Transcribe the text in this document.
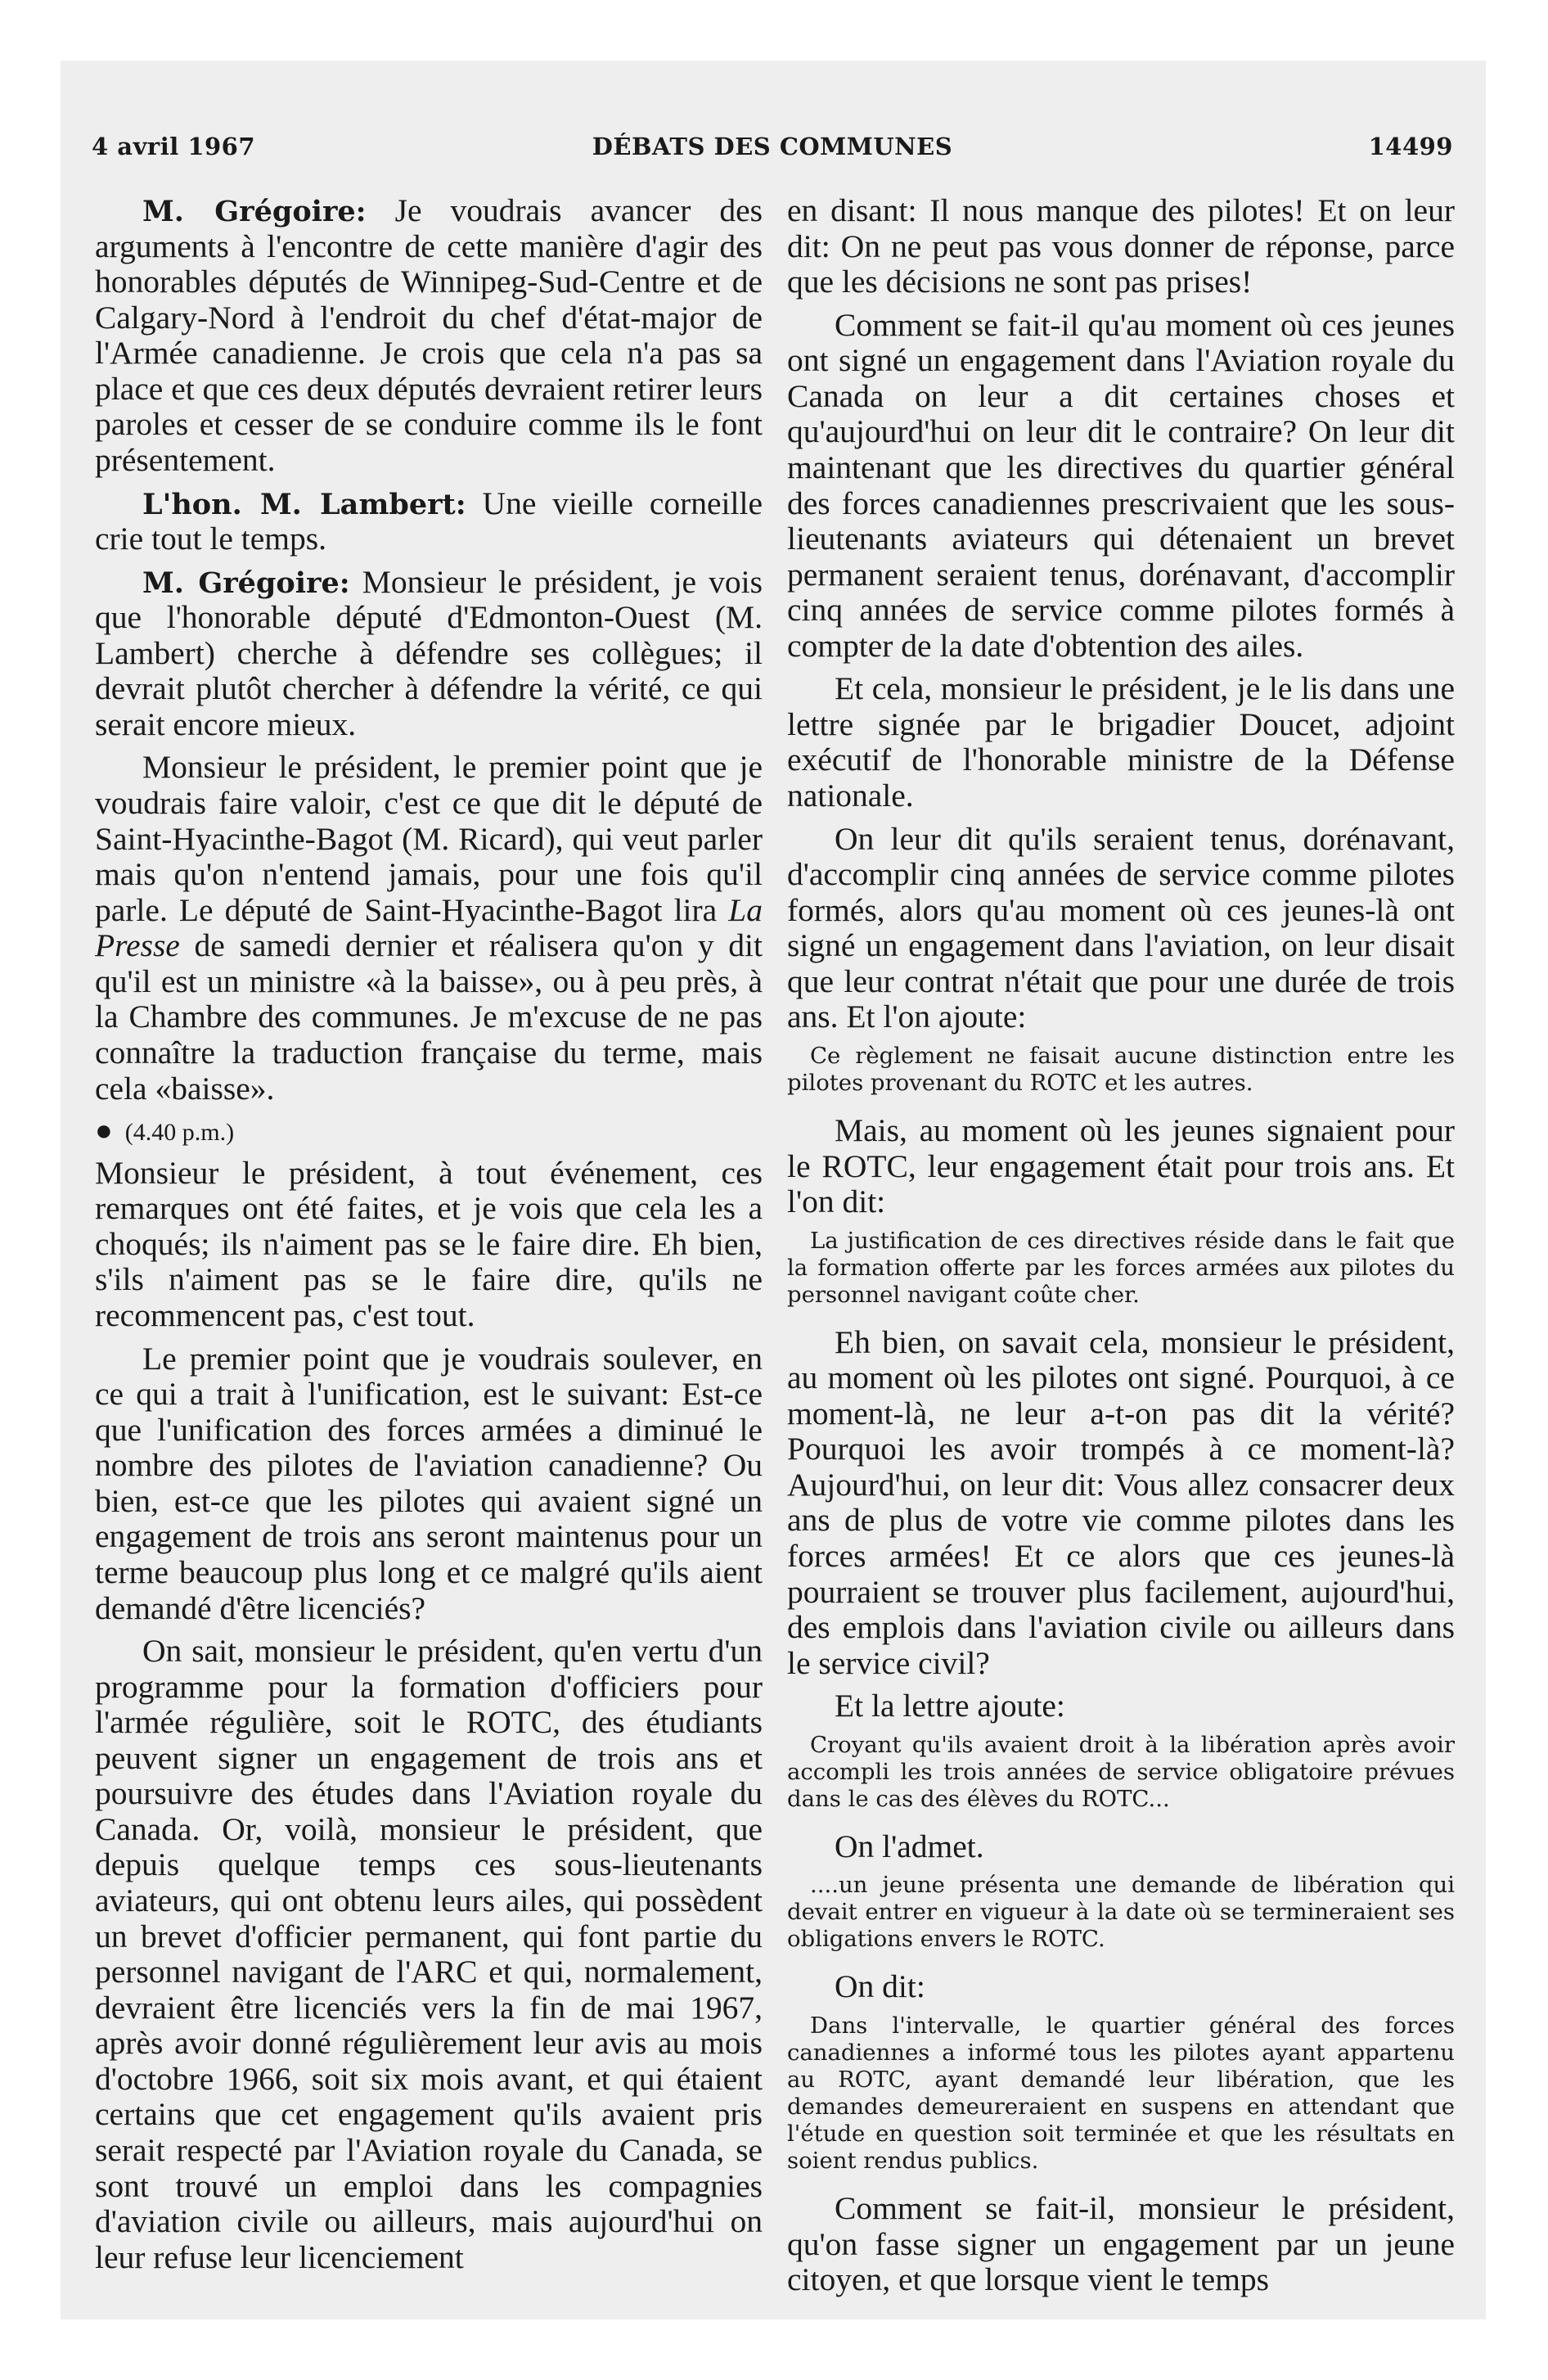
4 avril 1967	DÉBATS DES COMMUNES	14499

M. Grégoire: Je voudrais avancer des arguments à l'encontre de cette manière d'agir des honorables députés de Winnipeg-Sud-Centre et de Calgary-Nord à l'endroit du chef d'état-major de l'Armée canadienne. Je crois que cela n'a pas sa place et que ces deux députés devraient retirer leurs paroles et cesser de se conduire comme ils le font présentement.

L'hon. M. Lambert: Une vieille corneille crie tout le temps.

M. Grégoire: Monsieur le président, je vois que l'honorable député d'Edmonton-Ouest (M. Lambert) cherche à défendre ses collègues; il devrait plutôt chercher à défendre la vérité, ce qui serait encore mieux.

Monsieur le président, le premier point que je voudrais faire valoir, c'est ce que dit le député de Saint-Hyacinthe-Bagot (M. Ricard), qui veut parler mais qu'on n'entend jamais, pour une fois qu'il parle. Le député de Saint-Hyacinthe-Bagot lira La Presse de samedi dernier et réalisera qu'on y dit qu'il est un ministre «à la baisse», ou à peu près, à la Chambre des communes. Je m'excuse de ne pas connaître la traduction française du terme, mais cela «baisse».

● (4.40 p.m.)

Monsieur le président, à tout événement, ces remarques ont été faites, et je vois que cela les a choqués; ils n'aiment pas se le faire dire. Eh bien, s'ils n'aiment pas se le faire dire, qu'ils ne recommencent pas, c'est tout.

Le premier point que je voudrais soulever, en ce qui a trait à l'unification, est le suivant: Est-ce que l'unification des forces armées a diminué le nombre des pilotes de l'aviation canadienne? Ou bien, est-ce que les pilotes qui avaient signé un engagement de trois ans seront maintenus pour un terme beaucoup plus long et ce malgré qu'ils aient demandé d'être licenciés?

On sait, monsieur le président, qu'en vertu d'un programme pour la formation d'officiers pour l'armée régulière, soit le ROTC, des étudiants peuvent signer un engagement de trois ans et poursuivre des études dans l'Aviation royale du Canada. Or, voilà, monsieur le président, que depuis quelque temps ces sous-lieutenants aviateurs, qui ont obtenu leurs ailes, qui possèdent un brevet d'officier permanent, qui font partie du personnel navigant de l'ARC et qui, normalement, devraient être licenciés vers la fin de mai 1967, après avoir donné régulièrement leur avis au mois d'octobre 1966, soit six mois avant, et qui étaient certains que cet engagement qu'ils avaient pris serait respecté par l'Aviation royale du Canada, se sont trouvé un emploi dans les compagnies d'aviation civile ou ailleurs, mais aujourd'hui on leur refuse leur licenciement

en disant: Il nous manque des pilotes! Et on leur dit: On ne peut pas vous donner de réponse, parce que les décisions ne sont pas prises!

Comment se fait-il qu'au moment où ces jeunes ont signé un engagement dans l'Aviation royale du Canada on leur a dit certaines choses et qu'aujourd'hui on leur dit le contraire? On leur dit maintenant que les directives du quartier général des forces canadiennes prescrivaient que les sous-lieutenants aviateurs qui détenaient un brevet permanent seraient tenus, dorénavant, d'accomplir cinq années de service comme pilotes formés à compter de la date d'obtention des ailes.

Et cela, monsieur le président, je le lis dans une lettre signée par le brigadier Doucet, adjoint exécutif de l'honorable ministre de la Défense nationale.

On leur dit qu'ils seraient tenus, dorénavant, d'accomplir cinq années de service comme pilotes formés, alors qu'au moment où ces jeunes-là ont signé un engagement dans l'aviation, on leur disait que leur contrat n'était que pour une durée de trois ans. Et l'on ajoute:

Ce règlement ne faisait aucune distinction entre les pilotes provenant du ROTC et les autres.

Mais, au moment où les jeunes signaient pour le ROTC, leur engagement était pour trois ans. Et l'on dit:

La justification de ces directives réside dans le fait que la formation offerte par les forces armées aux pilotes du personnel navigant coûte cher.

Eh bien, on savait cela, monsieur le président, au moment où les pilotes ont signé. Pourquoi, à ce moment-là, ne leur a-t-on pas dit la vérité? Pourquoi les avoir trompés à ce moment-là? Aujourd'hui, on leur dit: Vous allez consacrer deux ans de plus de votre vie comme pilotes dans les forces armées! Et ce alors que ces jeunes-là pourraient se trouver plus facilement, aujourd'hui, des emplois dans l'aviation civile ou ailleurs dans le service civil?

Et la lettre ajoute:

Croyant qu'ils avaient droit à la libération après avoir accompli les trois années de service obligatoire prévues dans le cas des élèves du ROTC...

On l'admet.

....un jeune présenta une demande de libération qui devait entrer en vigueur à la date où se termineraient ses obligations envers le ROTC.

On dit:

Dans l'intervalle, le quartier général des forces canadiennes a informé tous les pilotes ayant appartenu au ROTC, ayant demandé leur libération, que les demandes demeureraient en suspens en attendant que l'étude en question soit terminée et que les résultats en soient rendus publics.

Comment se fait-il, monsieur le président, qu'on fasse signer un engagement par un jeune citoyen, et que lorsque vient le temps
